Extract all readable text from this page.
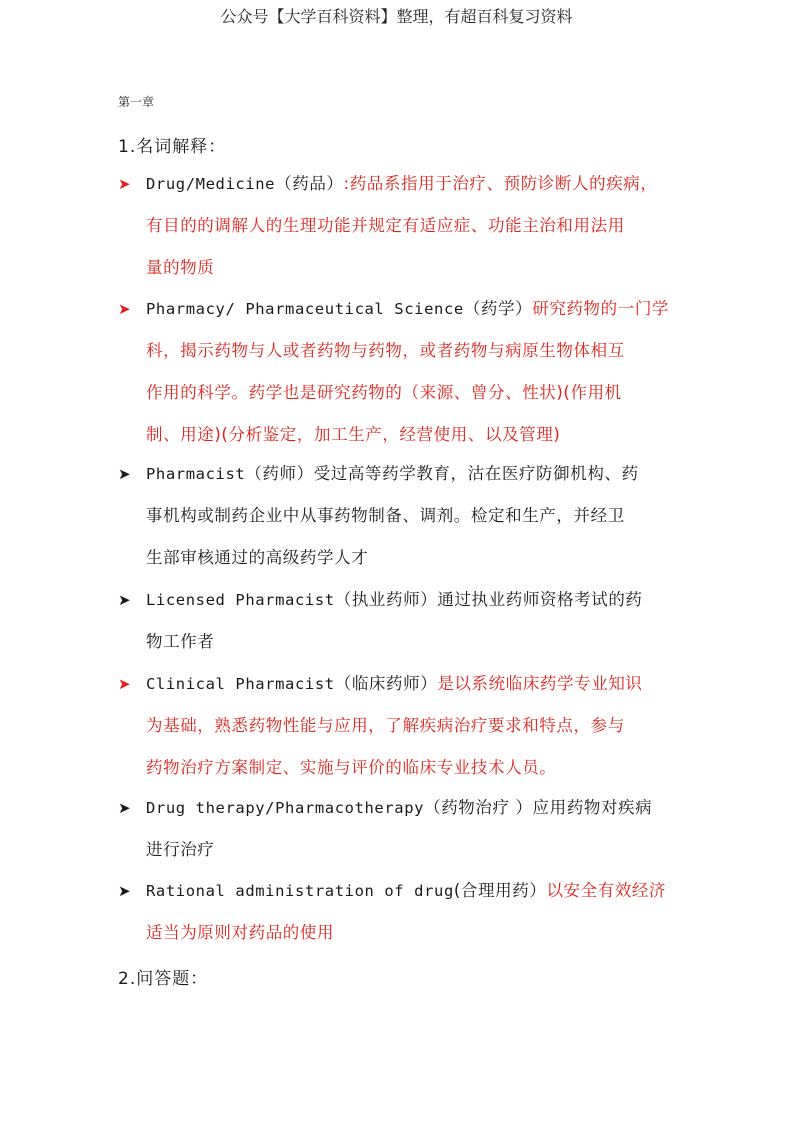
公众号【大学百科资料】整理，有超百科复习资料
第一章
1.名词解释：
➤ Drug/Medicine（药品）:药品系指用于治疗、预防诊断人的疾病，
有目的的调解人的生理功能并规定有适应症、功能主治和用法用
量的物质
➤ Pharmacy/ Pharmaceutical Science（药学）研究药物的一门学
科，揭示药物与人或者药物与药物，或者药物与病原生物体相互
作用的科学。药学也是研究药物的（来源、曾分、性状)(作用机
制、用途)(分析鉴定，加工生产，经营使用、以及管理)
➤ Pharmacist（药师）受过高等药学教育，沽在医疗防御机构、药
事机构或制药企业中从事药物制备、调剂。检定和生产，并经卫
生部审核通过的高级药学人才
➤ Licensed Pharmacist（执业药师）通过执业药师资格考试的药
物工作者
➤ Clinical Pharmacist（临床药师）是以系统临床药学专业知识
为基础，熟悉药物性能与应用，了解疾病治疗要求和特点，参与
药物治疗方案制定、实施与评价的临床专业技术人员。
➤ Drug therapy/Pharmacotherapy（药物治疗 ）应用药物对疾病
进行治疗
➤ Rational administration of drug(合理用药）以安全有效经济
适当为原则对药品的使用
2.问答题：
